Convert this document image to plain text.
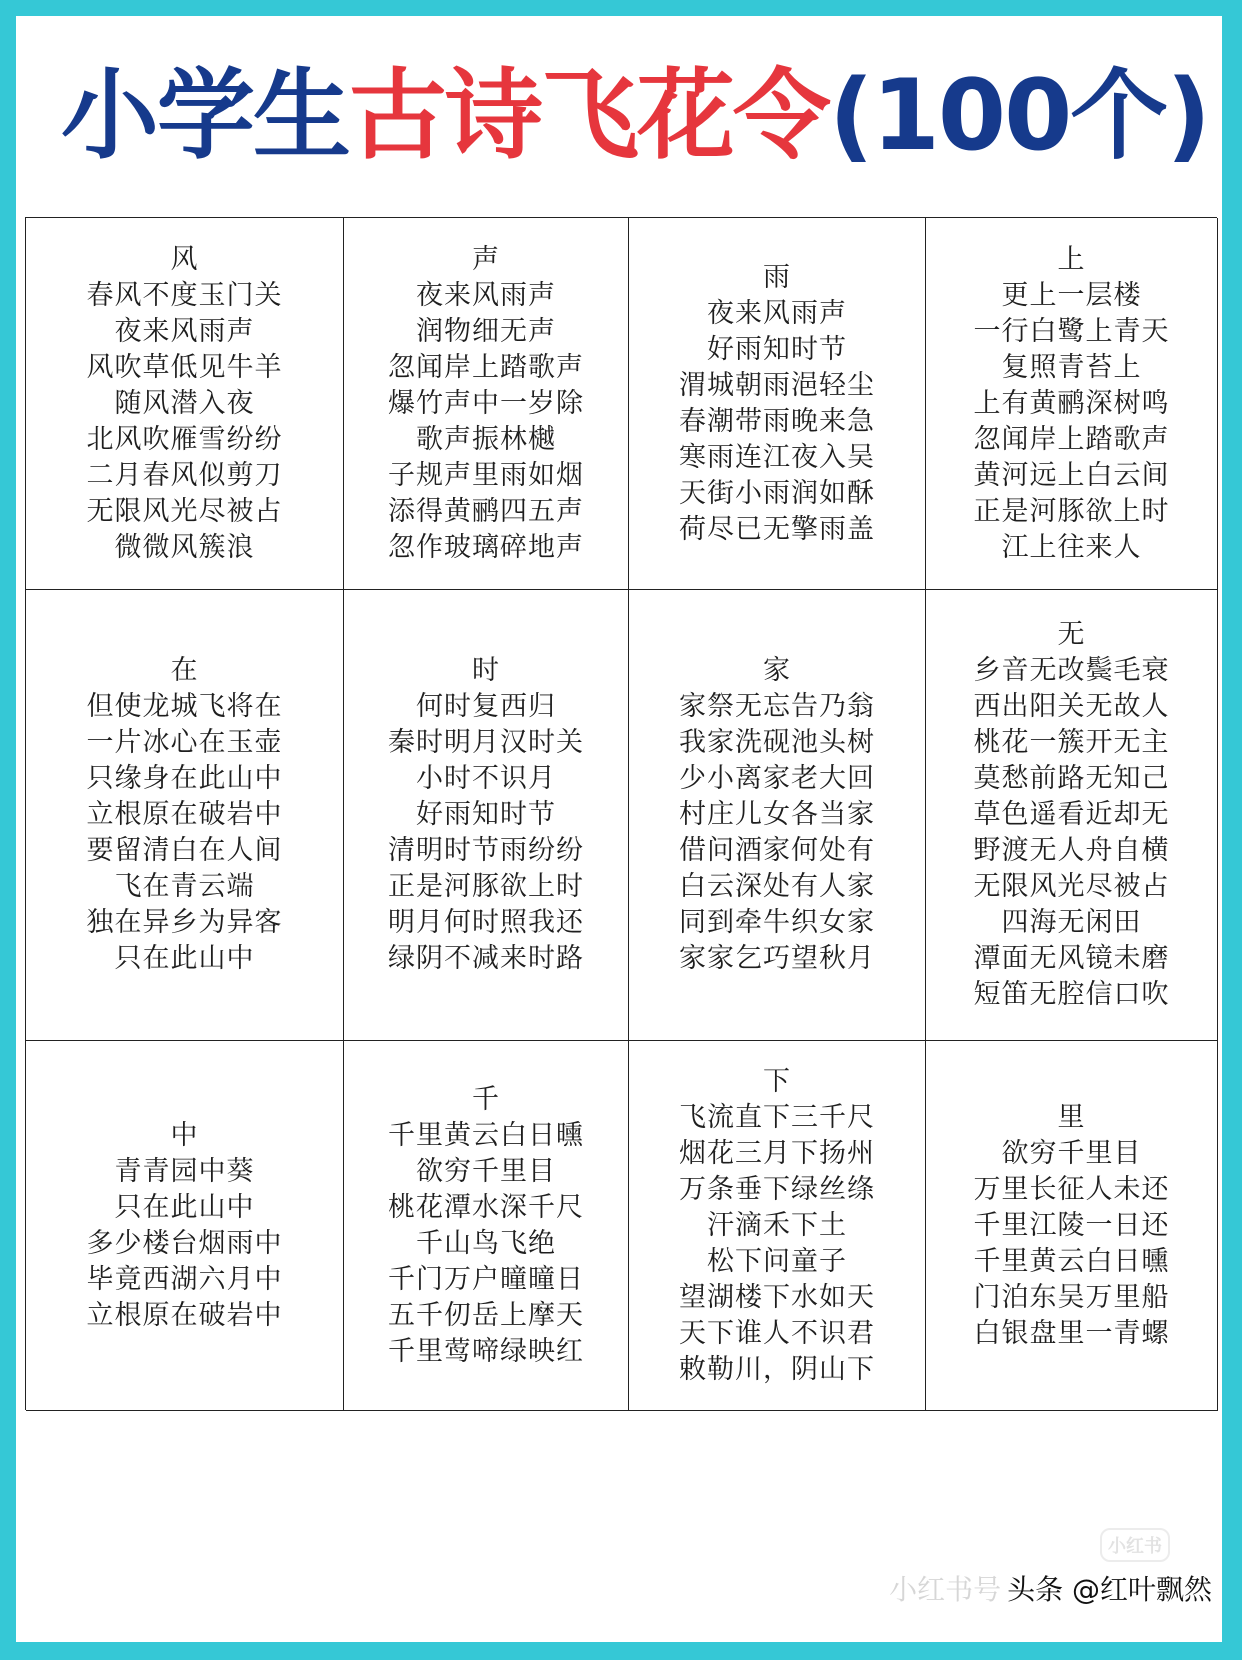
小学生古诗飞花令(100个)
风
春风不度玉门关
夜来风雨声
风吹草低见牛羊
随风潜入夜
北风吹雁雪纷纷
二月春风似剪刀
无限风光尽被占
微微风簇浪
声
夜来风雨声
润物细无声
忽闻岸上踏歌声
爆竹声中一岁除
歌声振林樾
子规声里雨如烟
添得黄鹂四五声
忽作玻璃碎地声
雨
夜来风雨声
好雨知时节
渭城朝雨浥轻尘
春潮带雨晚来急
寒雨连江夜入吴
天街小雨润如酥
荷尽已无擎雨盖
上
更上一层楼
一行白鹭上青天
复照青苔上
上有黄鹂深树鸣
忽闻岸上踏歌声
黄河远上白云间
正是河豚欲上时
江上往来人
在
但使龙城飞将在
一片冰心在玉壶
只缘身在此山中
立根原在破岩中
要留清白在人间
飞在青云端
独在异乡为异客
只在此山中
时
何时复西归
秦时明月汉时关
小时不识月
好雨知时节
清明时节雨纷纷
正是河豚欲上时
明月何时照我还
绿阴不减来时路
家
家祭无忘告乃翁
我家洗砚池头树
少小离家老大回
村庄儿女各当家
借问酒家何处有
白云深处有人家
同到牵牛织女家
家家乞巧望秋月
无
乡音无改鬓毛衰
西出阳关无故人
桃花一簇开无主
莫愁前路无知己
草色遥看近却无
野渡无人舟自横
无限风光尽被占
四海无闲田
潭面无风镜未磨
短笛无腔信口吹
中
青青园中葵
只在此山中
多少楼台烟雨中
毕竟西湖六月中
立根原在破岩中
千
千里黄云白日曛
欲穷千里目
桃花潭水深千尺
千山鸟飞绝
千门万户曈曈日
五千仞岳上摩天
千里莺啼绿映红
下
飞流直下三千尺
烟花三月下扬州
万条垂下绿丝绦
汗滴禾下土
松下问童子
望湖楼下水如天
天下谁人不识君
敕勒川，阴山下
里
欲穷千里目
万里长征人未还
千里江陵一日还
千里黄云白日曛
门泊东吴万里船
白银盘里一青螺
小红书
小红书号 头条 @红叶飘然
